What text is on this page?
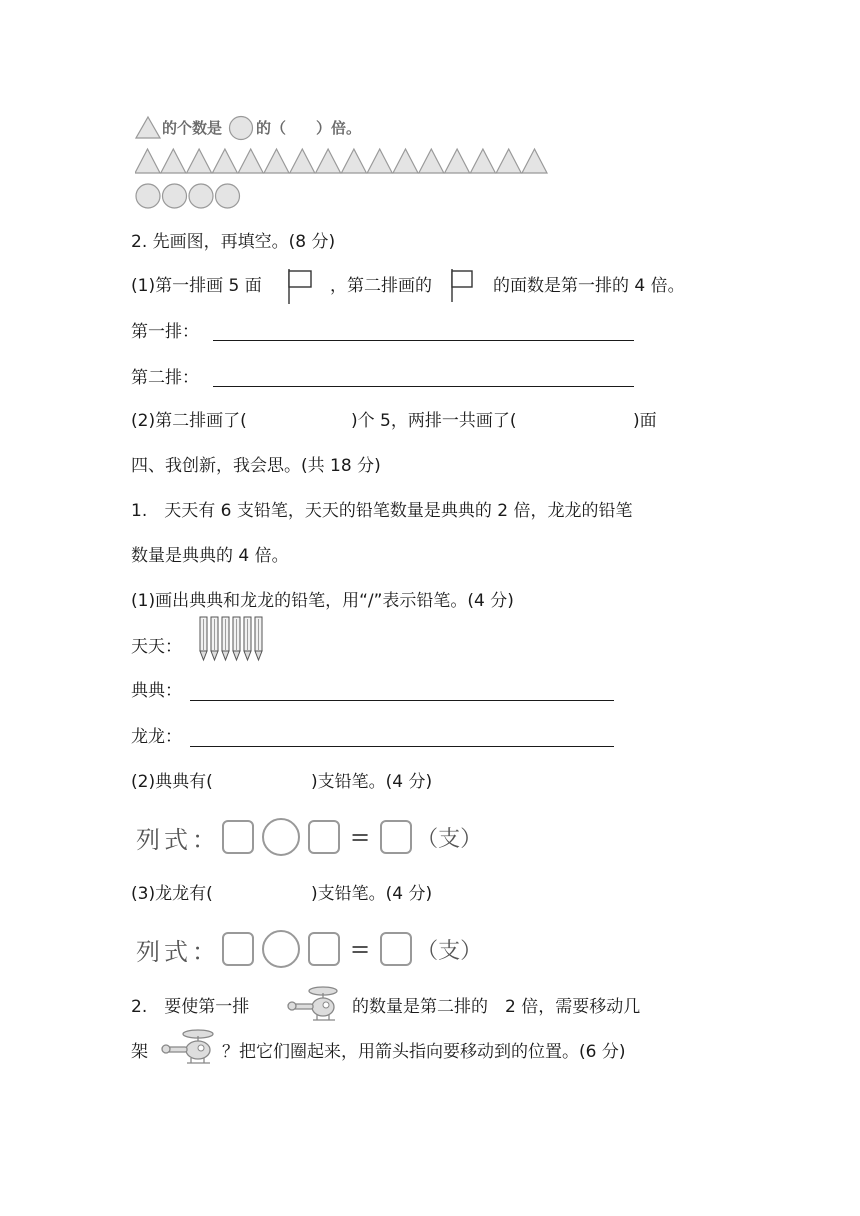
的个数是 的（　　）倍。
2. 先画图，再填空。(8 分)
(1)第一排画 5 面	，第二排画的	的面数是第一排的 4 倍。
第一排：
第二排：
(2)第二排画了(	)个 5，两排一共画了(	)面
四、我创新，我会思。(共 18 分)
1.　天天有 6 支铅笔，天天的铅笔数量是典典的 2 倍，龙龙的铅笔
数量是典典的 4 倍。
(1)画出典典和龙龙的铅笔，用“/”表示铅笔。(4 分)
天天：
典典：
龙龙：
(2)典典有(	)支铅笔。(4 分)
列式：	= （支）
(3)龙龙有(	)支铅笔。(4 分)
列式：	= （支）
2.　要使第一排	的数量是第二排的　2 倍，需要移动几
架	？把它们圈起来，用箭头指向要移动到的位置。(6 分)
